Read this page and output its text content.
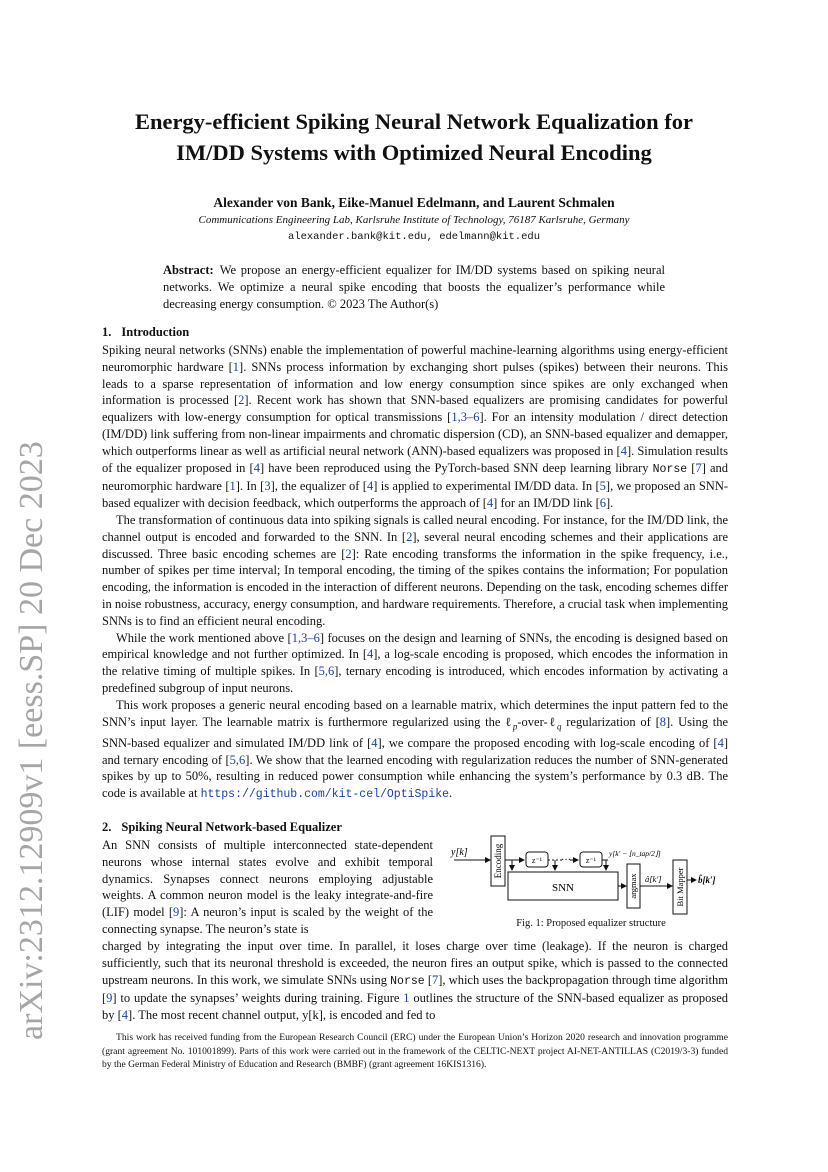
arXiv:2312.12909v1 [eess.SP] 20 Dec 2023
Energy-efficient Spiking Neural Network Equalization for
IM/DD Systems with Optimized Neural Encoding
Alexander von Bank, Eike-Manuel Edelmann, and Laurent Schmalen
Communications Engineering Lab, Karlsruhe Institute of Technology, 76187 Karlsruhe, Germany
alexander.bank@kit.edu, edelmann@kit.edu
Abstract: We propose an energy-efficient equalizer for IM/DD systems based on spiking neural networks. We optimize a neural spike encoding that boosts the equalizer’s performance while decreasing energy consumption. © 2023 The Author(s)
1. Introduction

Spiking neural networks (SNNs) enable the implementation of powerful machine-learning algorithms using energy-efficient neuromorphic hardware [1]. SNNs process information by exchanging short pulses (spikes) between their neurons. This leads to a sparse representation of information and low energy consumption since spikes are only exchanged when information is processed [2]. Recent work has shown that SNN-based equalizers are promising candidates for powerful equalizers with low-energy consumption for optical transmissions [1,3–6]. For an intensity modulation / direct detection (IM/DD) link suffering from non-linear impairments and chromatic dispersion (CD), an SNN-based equalizer and demapper, which outperforms linear as well as artificial neural network (ANN)-based equalizers was proposed in [4]. Simulation results of the equalizer proposed in [4] have been reproduced using the PyTorch-based SNN deep learning library Norse [7] and neuromorphic hardware [1]. In [3], the equalizer of [4] is applied to experimental IM/DD data. In [5], we proposed an SNN-based equalizer with decision feedback, which outperforms the approach of [4] for an IM/DD link [6].

The transformation of continuous data into spiking signals is called neural encoding. For instance, for the IM/DD link, the channel output is encoded and forwarded to the SNN. In [2], several neural encoding schemes and their applications are discussed. Three basic encoding schemes are [2]: Rate encoding transforms the information in the spike frequency, i.e., number of spikes per time interval; In temporal encoding, the timing of the spikes contains the information; For population encoding, the information is encoded in the interaction of different neurons. Depending on the task, encoding schemes differ in noise robustness, accuracy, energy consumption, and hardware requirements. Therefore, a crucial task when implementing SNNs is to find an efficient neural encoding.

While the work mentioned above [1,3–6] focuses on the design and learning of SNNs, the encoding is designed based on empirical knowledge and not further optimized. In [4], a log-scale encoding is proposed, which encodes the information in the relative timing of multiple spikes. In [5,6], ternary encoding is introduced, which encodes information by activating a predefined subgroup of input neurons.

This work proposes a generic neural encoding based on a learnable matrix, which determines the input pattern fed to the SNN’s input layer. The learnable matrix is furthermore regularized using the ℓ$_p$-over-ℓ$_q$ regularization of [8]. Using the SNN-based equalizer and simulated IM/DD link of [4], we compare the proposed encoding with log-scale encoding of [4] and ternary encoding of [5,6]. We show that the learned encoding with regularization reduces the number of SNN-generated spikes by up to 50%, resulting in reduced power consumption while enhancing the system’s performance by 0.3 dB. The code is available at https://github.com/kit-cel/OptiSpike.

2. Spiking Neural Network-based Equalizer

An SNN consists of multiple interconnected state-dependent neurons whose internal states evolve and exhibit temporal dynamics. Synapses connect neurons employing adjustable weights. A common neuron model is the leaky integrate-and-fire (LIF) model [9]: A neuron’s input is scaled by the weight of the connecting synapse. The neuron’s state is

charged by integrating the input over time. In parallel, it loses charge over time (leakage). If the neuron is charged sufficiently, such that its neuronal threshold is exceeded, the neuron fires an output spike, which is passed to the connected upstream neurons. In this work, we simulate SNNs using Norse [7], which uses the backpropagation through time algorithm [9] to update the synapses’ weights during training. Figure 1 outlines the structure of the SNN-based equalizer as proposed by [4]. The most recent channel output, y[k], is encoded and fed to

y[k]	Encoding	z⁻¹ ··· z⁻¹
y[k′ − ⌊n_tap/2⌋]
SNN	argmax â[k′] Bit Mapper b̂[k′]
Fig. 1: Proposed equalizer structure
This work has received funding from the European Research Council (ERC) under the European Union’s Horizon 2020 research and innovation programme (grant agreement No. 101001899). Parts of this work were carried out in the framework of the CELTIC-NEXT project AI-NET-ANTILLAS (C2019/3-3) funded by the German Federal Ministry of Education and Research (BMBF) (grant agreement 16KIS1316).
